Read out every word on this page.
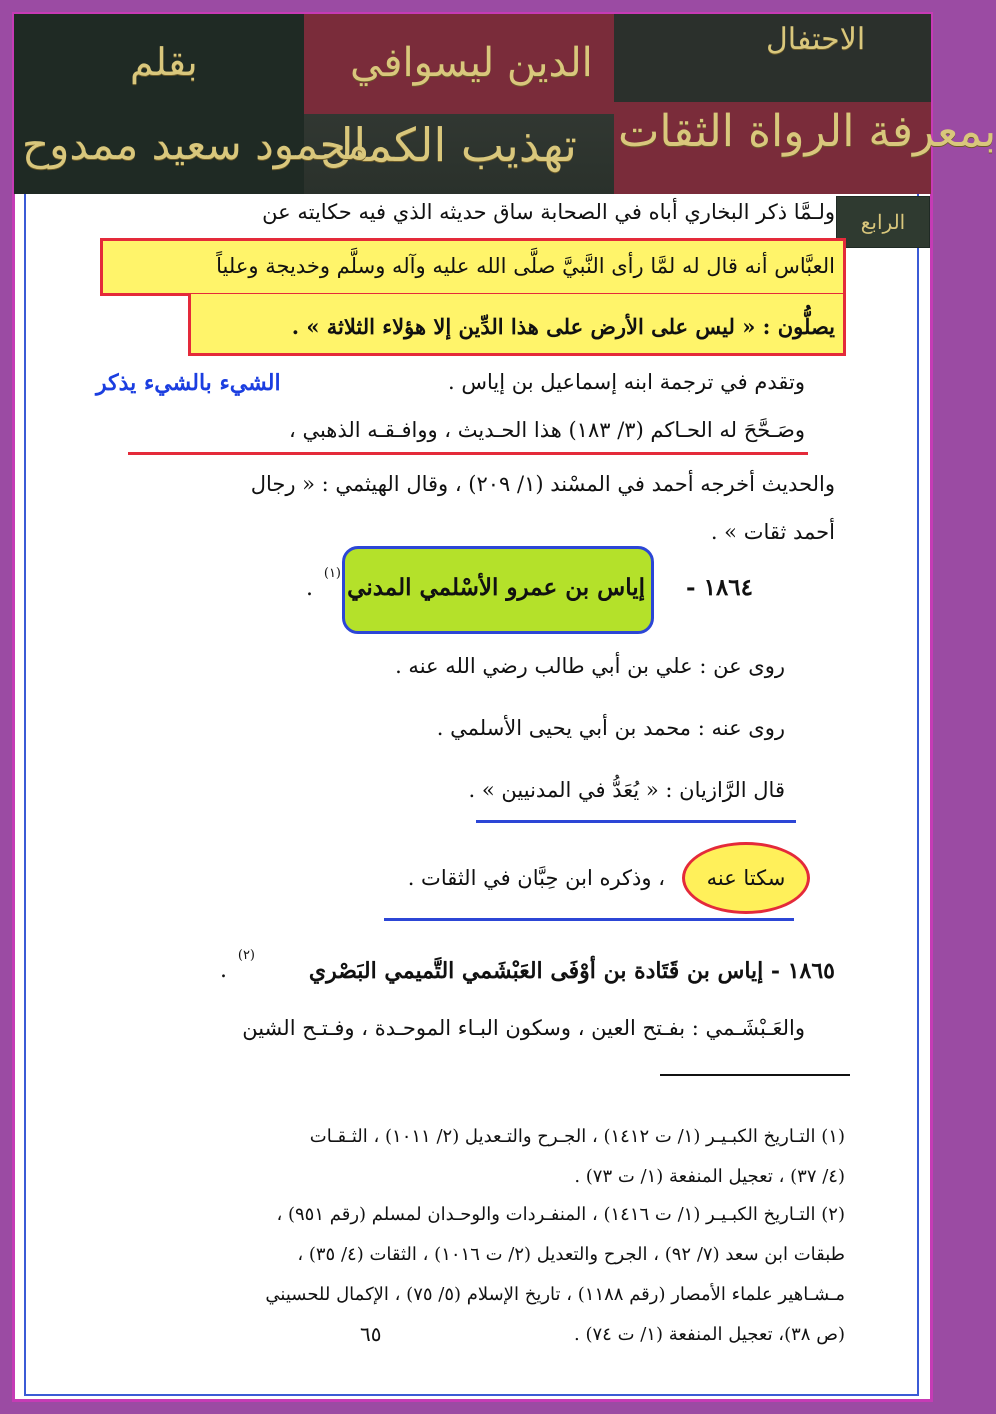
الاحتفال
الدين ليسوافي
بقلم
بمعرفة الرواة الثقات
تهذيب الكمال
محمود سعيد ممدوح
الرابع
ولـمَّا ذكر البخاري أباه في الصحابة ساق حديثه الذي فيه حكايته عن
العبَّاس أنه قال له لمَّا رأى النَّبيَّ صلَّى الله عليه وآله وسلَّم وخديجة وعلياً
يصلُّون : « ليس على الأرض على هذا الدِّين إلا هؤلاء الثلاثة » .
الشيء بالشيء يذكر	وتقدم في ترجمة ابنه إسماعيل بن إياس .
وصَـحَّحَ له الحـاكم (٣/ ١٨٣) هذا الحـديث ، ووافـقـه الذهبي ،
والحديث أخرجه أحمد في المسْند (١/ ٢٠٩) ، وقال الهيثمي : « رجال
أحمد ثقات » .
١٨٦٤ -
إياس بن عمرو الأسْلمي المدني
(١)
.
روى عن : علي بن أبي طالب رضي الله عنه .
روى عنه : محمد بن أبي يحيى الأسلمي .
قال الرَّازيان : « يُعَدُّ في المدنيين » .
سكتا عنه
، وذكره ابن حِبَّان في الثقات .
١٨٦٥ - إياس بن قَتَادة بن أوْفَى العَبْشَمي التَّميمي البَصْري
(٢)
.
والعَـبْشَـمي : بفـتح العين ، وسكون البـاء الموحـدة ، وفـتـح الشين
(١) التـاريخ الكبـيـر (١/ ت ١٤١٢) ، الجـرح والتـعديل (٢/ ١٠١١) ، الثـقـات
(٤/ ٣٧) ، تعجيل المنفعة (١/ ت ٧٣) .
(٢) التـاريخ الكبـيـر (١/ ت ١٤١٦) ، المنفـردات والوحـدان لمسلم (رقم ٩٥١) ،
طبقات ابن سعد (٧/ ٩٢) ، الجرح والتعديل (٢/ ت ١٠١٦) ، الثقات (٤/ ٣٥) ،
مـشـاهير علماء الأمصار (رقم ١١٨٨) ، تاريخ الإسلام (٥/ ٧٥) ، الإكمال للحسيني
(ص ٣٨)، تعجيل المنفعة (١/ ت ٧٤) .
٦٥
